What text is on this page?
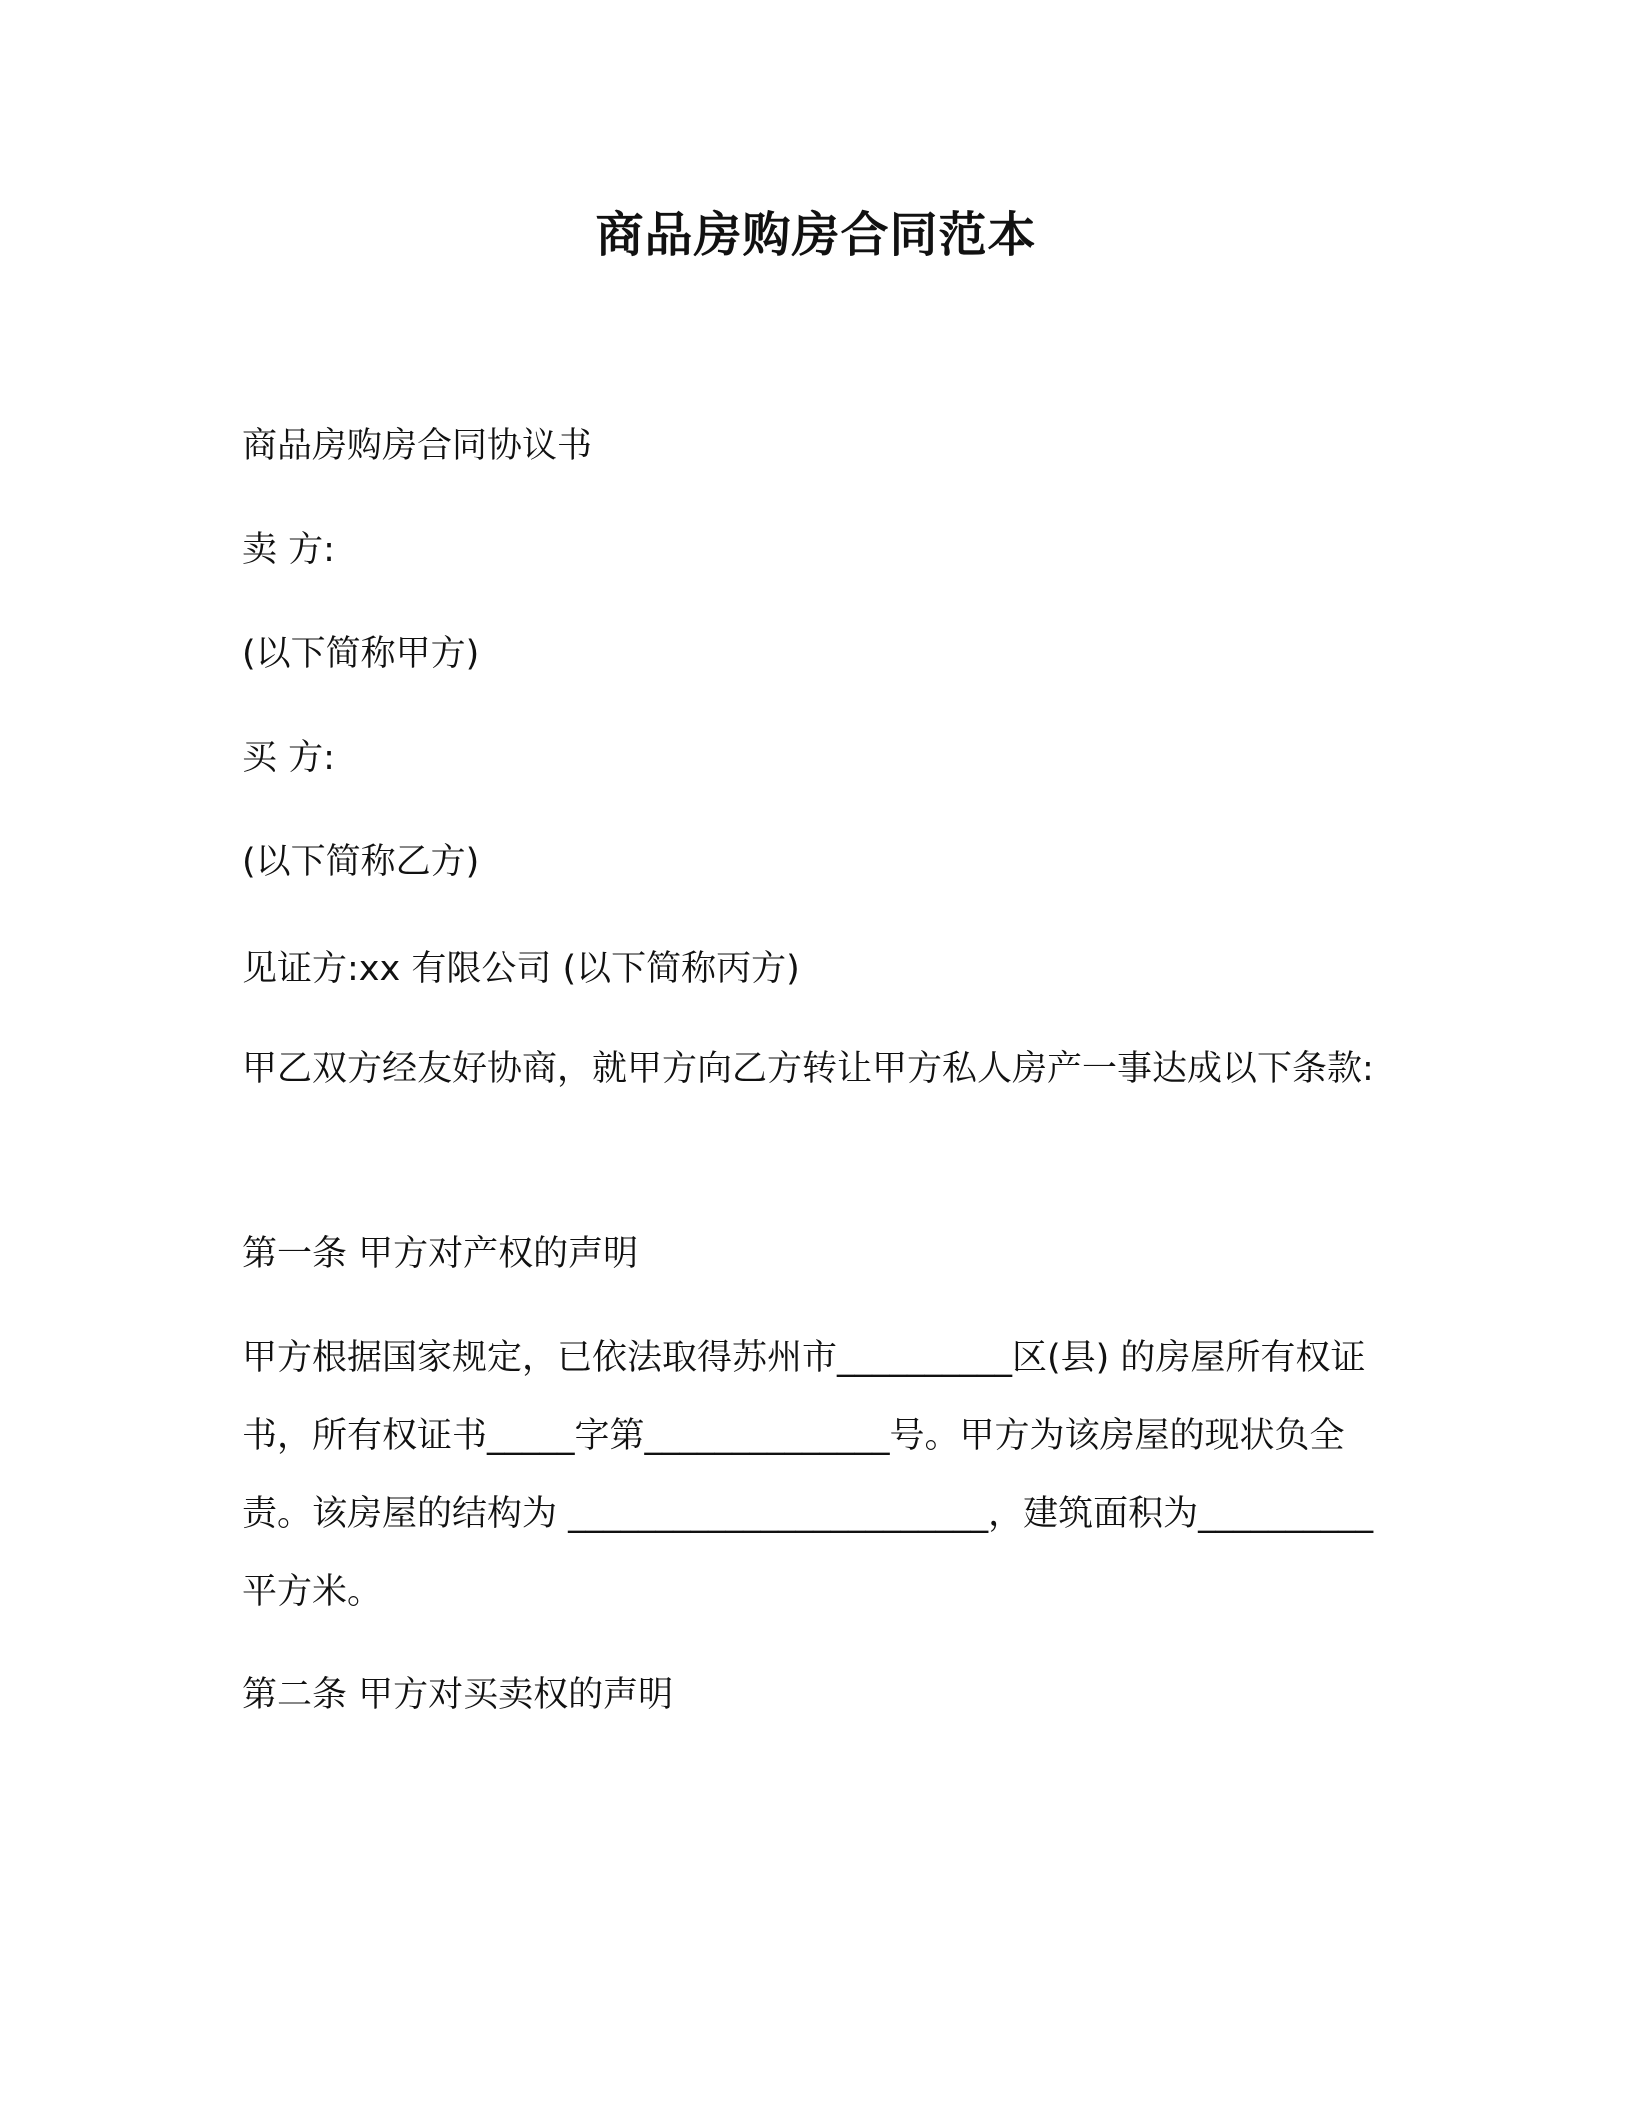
商品房购房合同范本

商品房购房合同协议书

卖 方:

(以下简称甲方)

买 方:

(以下简称乙方)

见证方:xx 有限公司 (以下简称丙方)

甲乙双方经友好协商，就甲方向乙方转让甲方私人房产一事达成以下条款:

第一条 甲方对产权的声明

甲方根据国家规定，已依法取得苏州市__________区(县) 的房屋所有权证书，所有权证书_____字第______________号。甲方为该房屋的现状负全责。该房屋的结构为 ________________________，建筑面积为__________平方米。

第二条 甲方对买卖权的声明
